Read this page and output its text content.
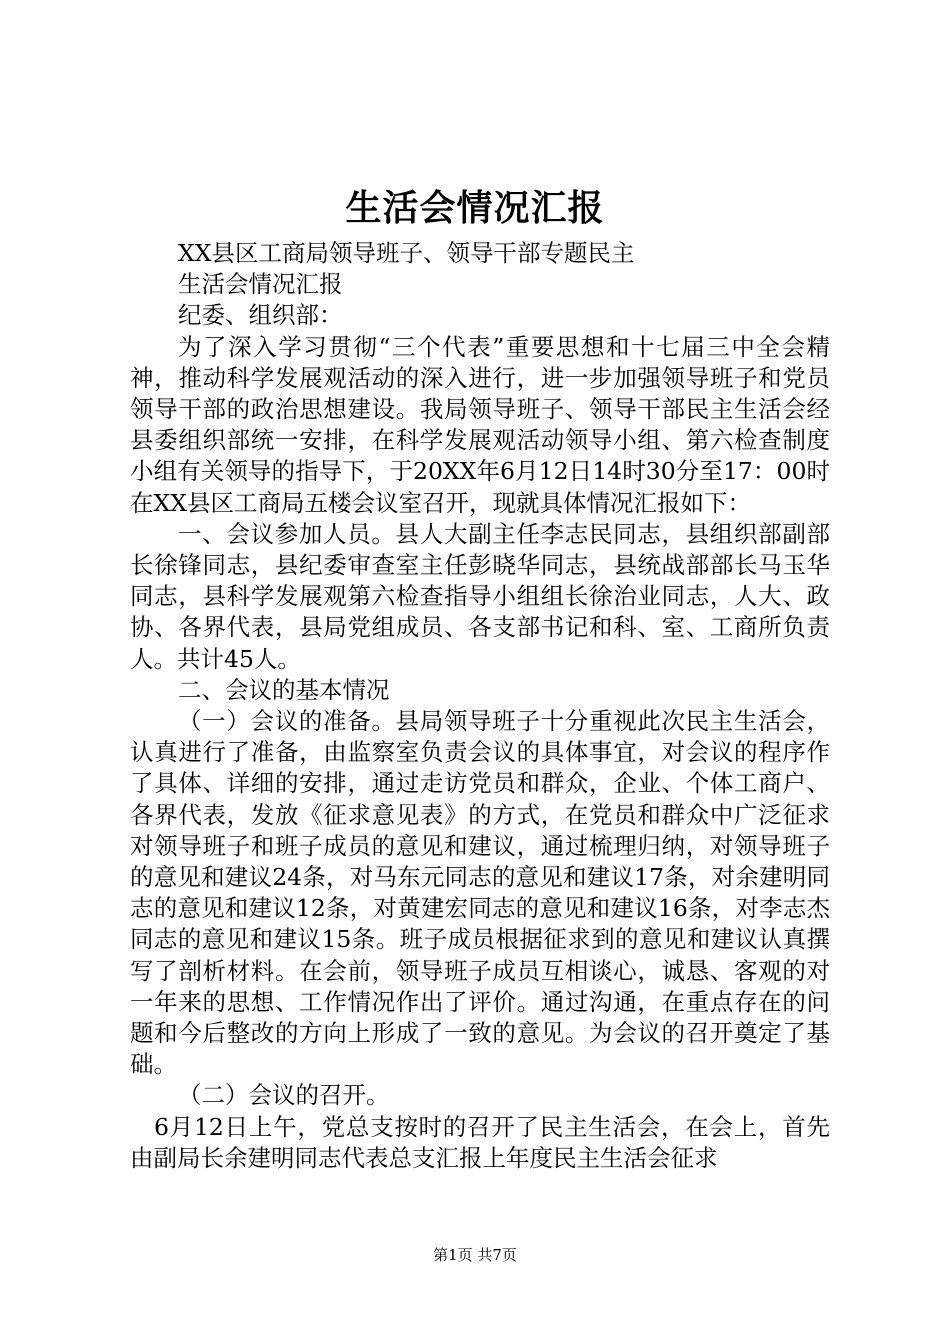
生活会情况汇报

XX县区工商局领导班子、领导干部专题民主

生活会情况汇报

纪委、组织部：

为了深入学习贯彻“三个代表”重要思想和十七届三中全会精神，推动科学发展观活动的深入进行，进一步加强领导班子和党员领导干部的政治思想建设。我局领导班子、领导干部民主生活会经县委组织部统一安排，在科学发展观活动领导小组、第六检查制度小组有关领导的指导下，于20XX年6月12日14时30分至17：00时在XX县区工商局五楼会议室召开，现就具体情况汇报如下：

一、会议参加人员。县人大副主任李志民同志，县组织部副部长徐锋同志，县纪委审查室主任彭晓华同志，县统战部部长马玉华同志，县科学发展观第六检查指导小组组长徐治业同志，人大、政协、各界代表，县局党组成员、各支部书记和科、室、工商所负责人。共计45人。

二、会议的基本情况

（一）会议的准备。县局领导班子十分重视此次民主生活会，认真进行了准备，由监察室负责会议的具体事宜，对会议的程序作了具体、详细的安排，通过走访党员和群众，企业、个体工商户、各界代表，发放《征求意见表》的方式，在党员和群众中广泛征求对领导班子和班子成员的意见和建议，通过梳理归纳，对领导班子的意见和建议24条，对马东元同志的意见和建议17条，对余建明同志的意见和建议12条，对黄建宏同志的意见和建议16条，对李志杰同志的意见和建议15条。班子成员根据征求到的意见和建议认真撰写了剖析材料。在会前，领导班子成员互相谈心，诚恳、客观的对一年来的思想、工作情况作出了评价。通过沟通，在重点存在的问题和今后整改的方向上形成了一致的意见。为会议的召开奠定了基础。

（二）会议的召开。

6月12日上午，党总支按时的召开了民主生活会，在会上，首先由副局长余建明同志代表总支汇报上年度民主生活会征求

第1页 共7页
